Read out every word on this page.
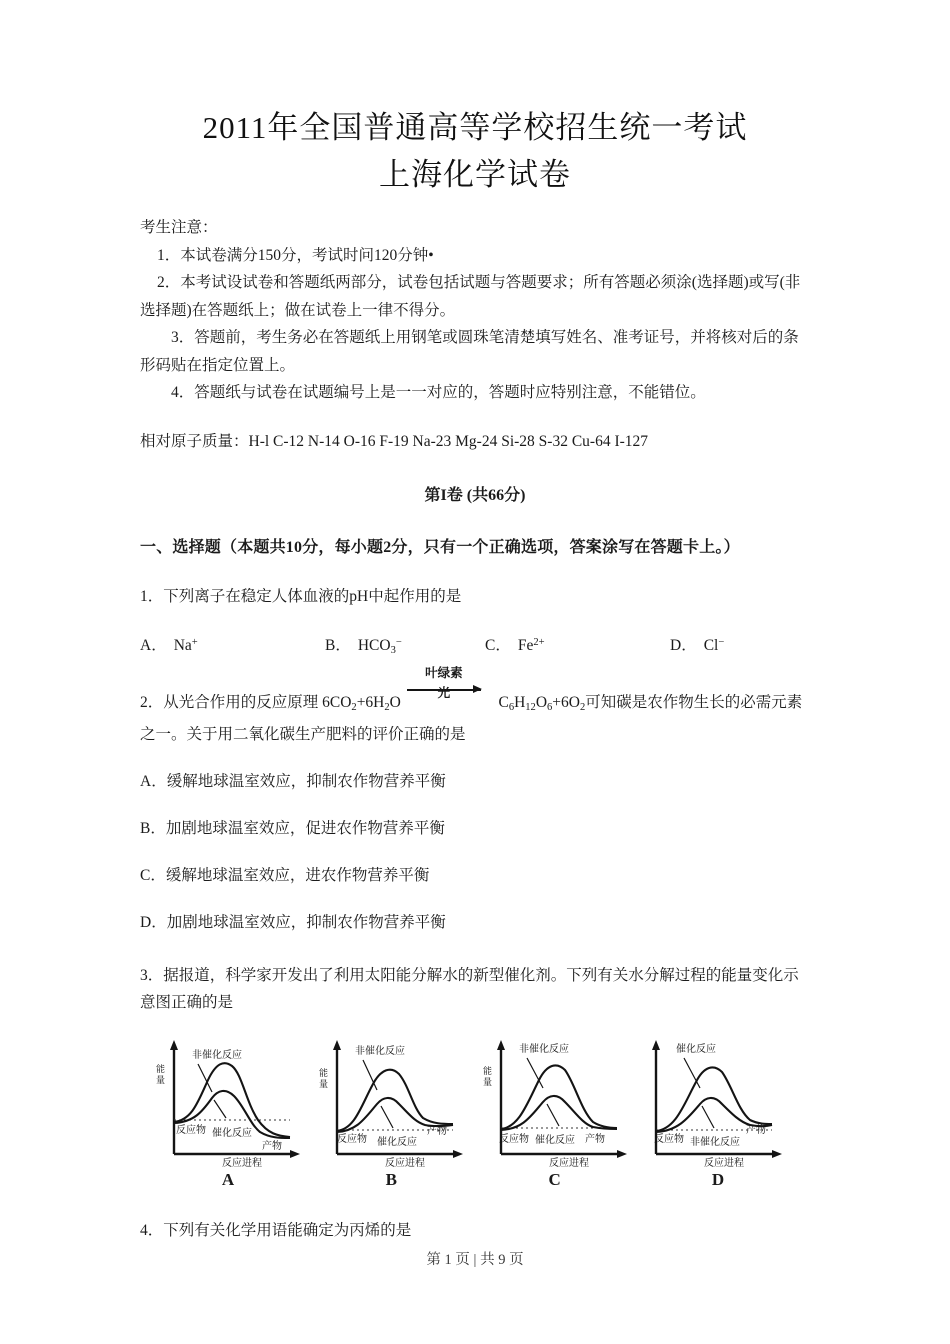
2011年全国普通高等学校招生统一考试
上海化学试卷

考生注意：

1．本试卷满分150分，考试时问120分钟•

2．本考试设试卷和答题纸两部分，试卷包括试题与答题要求；所有答题必须涂(选择题)或写(非选择题)在答题纸上；做在试卷上一律不得分。

3．答题前，考生务必在答题纸上用钢笔或圆珠笔清楚填写姓名、准考证号，并将核对后的条形码贴在指定位置上。

4．答题纸与试卷在试题编号上是一一对应的，答题时应特别注意，不能错位。

相对原子质量：H-l C-12 N-14 O-16 F-19 Na-23 Mg-24 Si-28 S-32 Cu-64 I-127
第I卷 (共66分)
一、选择题（本题共10分，每小题2分，只有一个正确选项，答案涂写在答题卡上。）

1．下列离子在稳定人体血液的pH中起作用的是

A． Na+	B． $HCO_3^-$	C． $Fe^{2+}$	D． Cl−

2．从光合作用的反应原理 $6CO_2+6H_2O$
叶绿素
光
$C_6H_{12}O_6+6O_2$可知碳是农作物生长的必需元素之一。关于用二氧化碳生产肥料的评价正确的是

A．缓解地球温室效应，抑制农作物营养平衡
B．加剧地球温室效应，促进农作物营养平衡
C．缓解地球温室效应，进农作物营养平衡
D．加剧地球温室效应，抑制农作物营养平衡

3．据报道，科学家开发出了利用太阳能分解水的新型催化剂。下列有关水分解过程的能量变化示意图正确的是

能
量
非催化反应
催化反应
反应物
产物
反应进程
A
能
量
非催化反应
催化反应
反应物
产物
反应进程
B
能
量
非催化反应
催化反应
反应物	产物
反应进程
C
催化反应
非催化反应
反应物
产物
反应进程
D

4．下列有关化学用语能确定为丙烯的是

第 1 页 | 共 9 页
